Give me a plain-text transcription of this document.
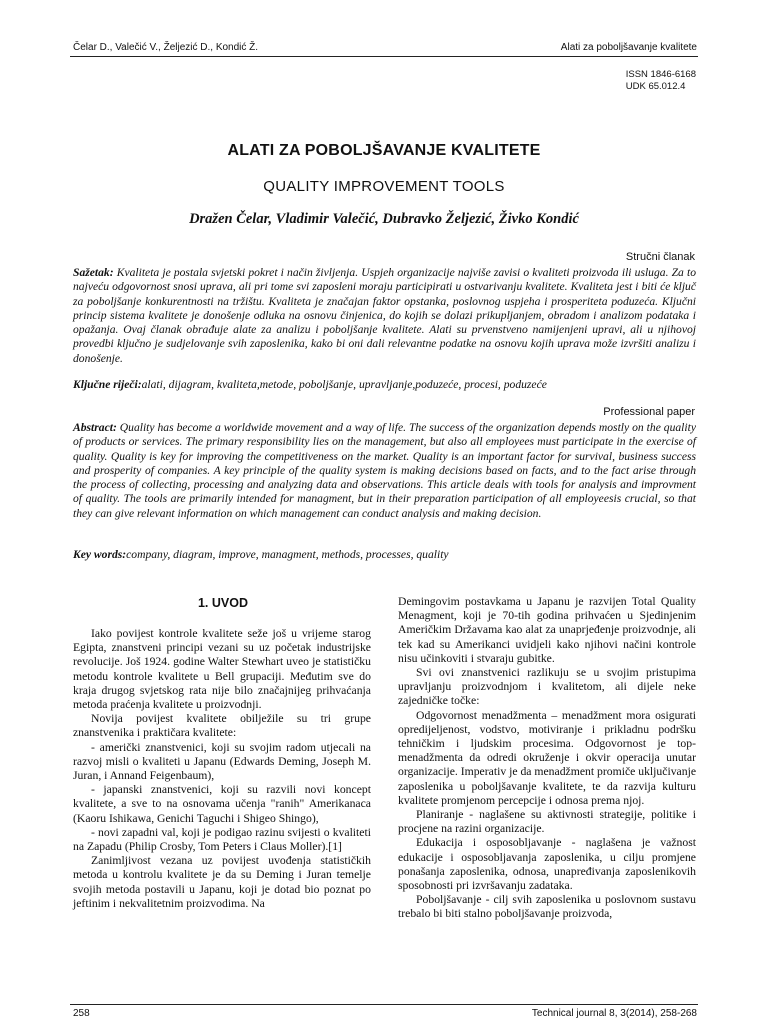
Čelar D., Valečić V., Željezić D., Kondić Ž.	Alati za poboljšavanje kvalitete
ISSN 1846-6168
UDK 65.012.4
ALATI ZA POBOLJŠAVANJE KVALITETE
QUALITY IMPROVEMENT TOOLS
Dražen Čelar, Vladimir Valečić, Dubravko Željezić, Živko Kondić
Stručni članak
Sažetak: Kvaliteta je postala svjetski pokret i način življenja. Uspjeh organizacije najviše zavisi o kvaliteti proizvoda ili usluga. Za to najveću odgovornost snosi uprava, ali pri tome svi zaposleni moraju participirati u ostvarivanju kvalitete. Kvaliteta jest i biti će ključ za poboljšanje konkurentnosti na tržištu. Kvaliteta je značajan faktor opstanka, poslovnog uspjeha i prosperiteta poduzeća. Ključni princip sistema kvalitete je donošenje odluka na osnovu činjenica, do kojih se dolazi prikupljanjem, obradom i analizom podataka i opažanja. Ovaj članak obrađuje alate za analizu i poboljšanje kvalitete. Alati su prvenstveno namijenjeni upravi, ali u njihovoj provedbi ključno je sudjelovanje svih zaposlenika, kako bi oni dali relevantne podatke na osnovu kojih uprava može izvršiti analizu i donošenje.
Ključne riječi:alati, dijagram, kvaliteta,metode, poboljšanje, upravljanje,poduzeće, procesi, poduzeće
Professional paper
Abstract: Quality has become a worldwide movement and a way of life. The success of the organization depends mostly on the quality of products or services. The primary responsibility lies on the management, but also all employees must participate in the exercise of quality. Quality is key for improving the competitiveness on the market. Quality is an important factor for survival, business success and prosperity of companies. A key principle of the quality system is making decisions based on facts, and to the fact arise through the process of collecting, processing and analyzing data and observations. This article deals with tools for analysis and improvment of quality. The tools are primarily intended for managment, but in their preparation participation of all employeesis crucial, so that they can give relevant information on which management can conduct analysis and making decision.
Key words:company, diagram, improve, managment, methods, processes, quality
1. UVOD

Iako povijest kontrole kvalitete seže još u vrijeme starog Egipta, znanstveni principi vezani su uz početak industrijske revolucije. Još 1924. godine Walter Stewhart uveo je statističku metodu kontrole kvalitete u Bell grupaciji. Međutim sve do kraja drugog svjetskog rata nije bilo značajnijeg prihvaćanja metoda praćenja kvalitete u proizvodnji.

Novija povijest kvalitete obilježile su tri grupe znanstvenika i praktičara kvalitete:

- američki znanstvenici, koji su svojim radom utjecali na razvoj misli o kvaliteti u Japanu (Edwards Deming, Joseph M. Juran, i Annand Feigenbaum),

- japanski znanstvenici, koji su razvili novi koncept kvalitete, a sve to na osnovama učenja "ranih" Amerikanaca (Kaoru Ishikawa, Genichi Taguchi i Shigeo Shingo),

- novi zapadni val, koji je podigao razinu svijesti o kvaliteti na Zapadu (Philip Crosby, Tom Peters i Claus Moller).[1]

Zanimljivost vezana uz povijest uvođenja statističkih metoda u kontrolu kvalitete je da su Deming i Juran temelje svojih metoda postavili u Japanu, koji je dotad bio poznat po jeftinim i nekvalitetnim proizvodima. Na

Demingovim postavkama u Japanu je razvijen Total Quality Menagment, koji je 70-tih godina prihvaćen u Sjedinjenim Američkim Državama kao alat za unaprjeđenje proizvodnje, ali tek kad su Amerikanci uvidjeli kako njihovi načini kontrole nisu učinkoviti i stvaraju gubitke.

Svi ovi znanstvenici razlikuju se u svojim pristupima upravljanju proizvodnjom i kvalitetom, ali dijele neke zajedničke točke:

Odgovornost menadžmenta – menadžment mora osigurati opredijeljenost, vodstvo, motiviranje i prikladnu podršku tehničkim i ljudskim procesima. Odgovornost je top-menadžmenta da odredi okruženje i okvir operacija unutar organizacije. Imperativ je da menadžment promiče uključivanje zaposlenika u poboljšavanje kvalitete, te da razvija kulturu kvalitete promjenom percepcije i odnosa prema njoj.

Planiranje - naglašene su aktivnosti strategije, politike i procjene na razini organizacije.

Edukacija i osposobljavanje - naglašena je važnost edukacije i osposobljavanja zaposlenika, u cilju promjene ponašanja zaposlenika, odnosa, unapređivanja zaposlenikovih sposobnosti pri izvršavanju zadataka.

Poboljšavanje - cilj svih zaposlenika u poslovnom sustavu trebalo bi biti stalno poboljšavanje proizvoda,

258	Technical journal 8, 3(2014), 258-268
